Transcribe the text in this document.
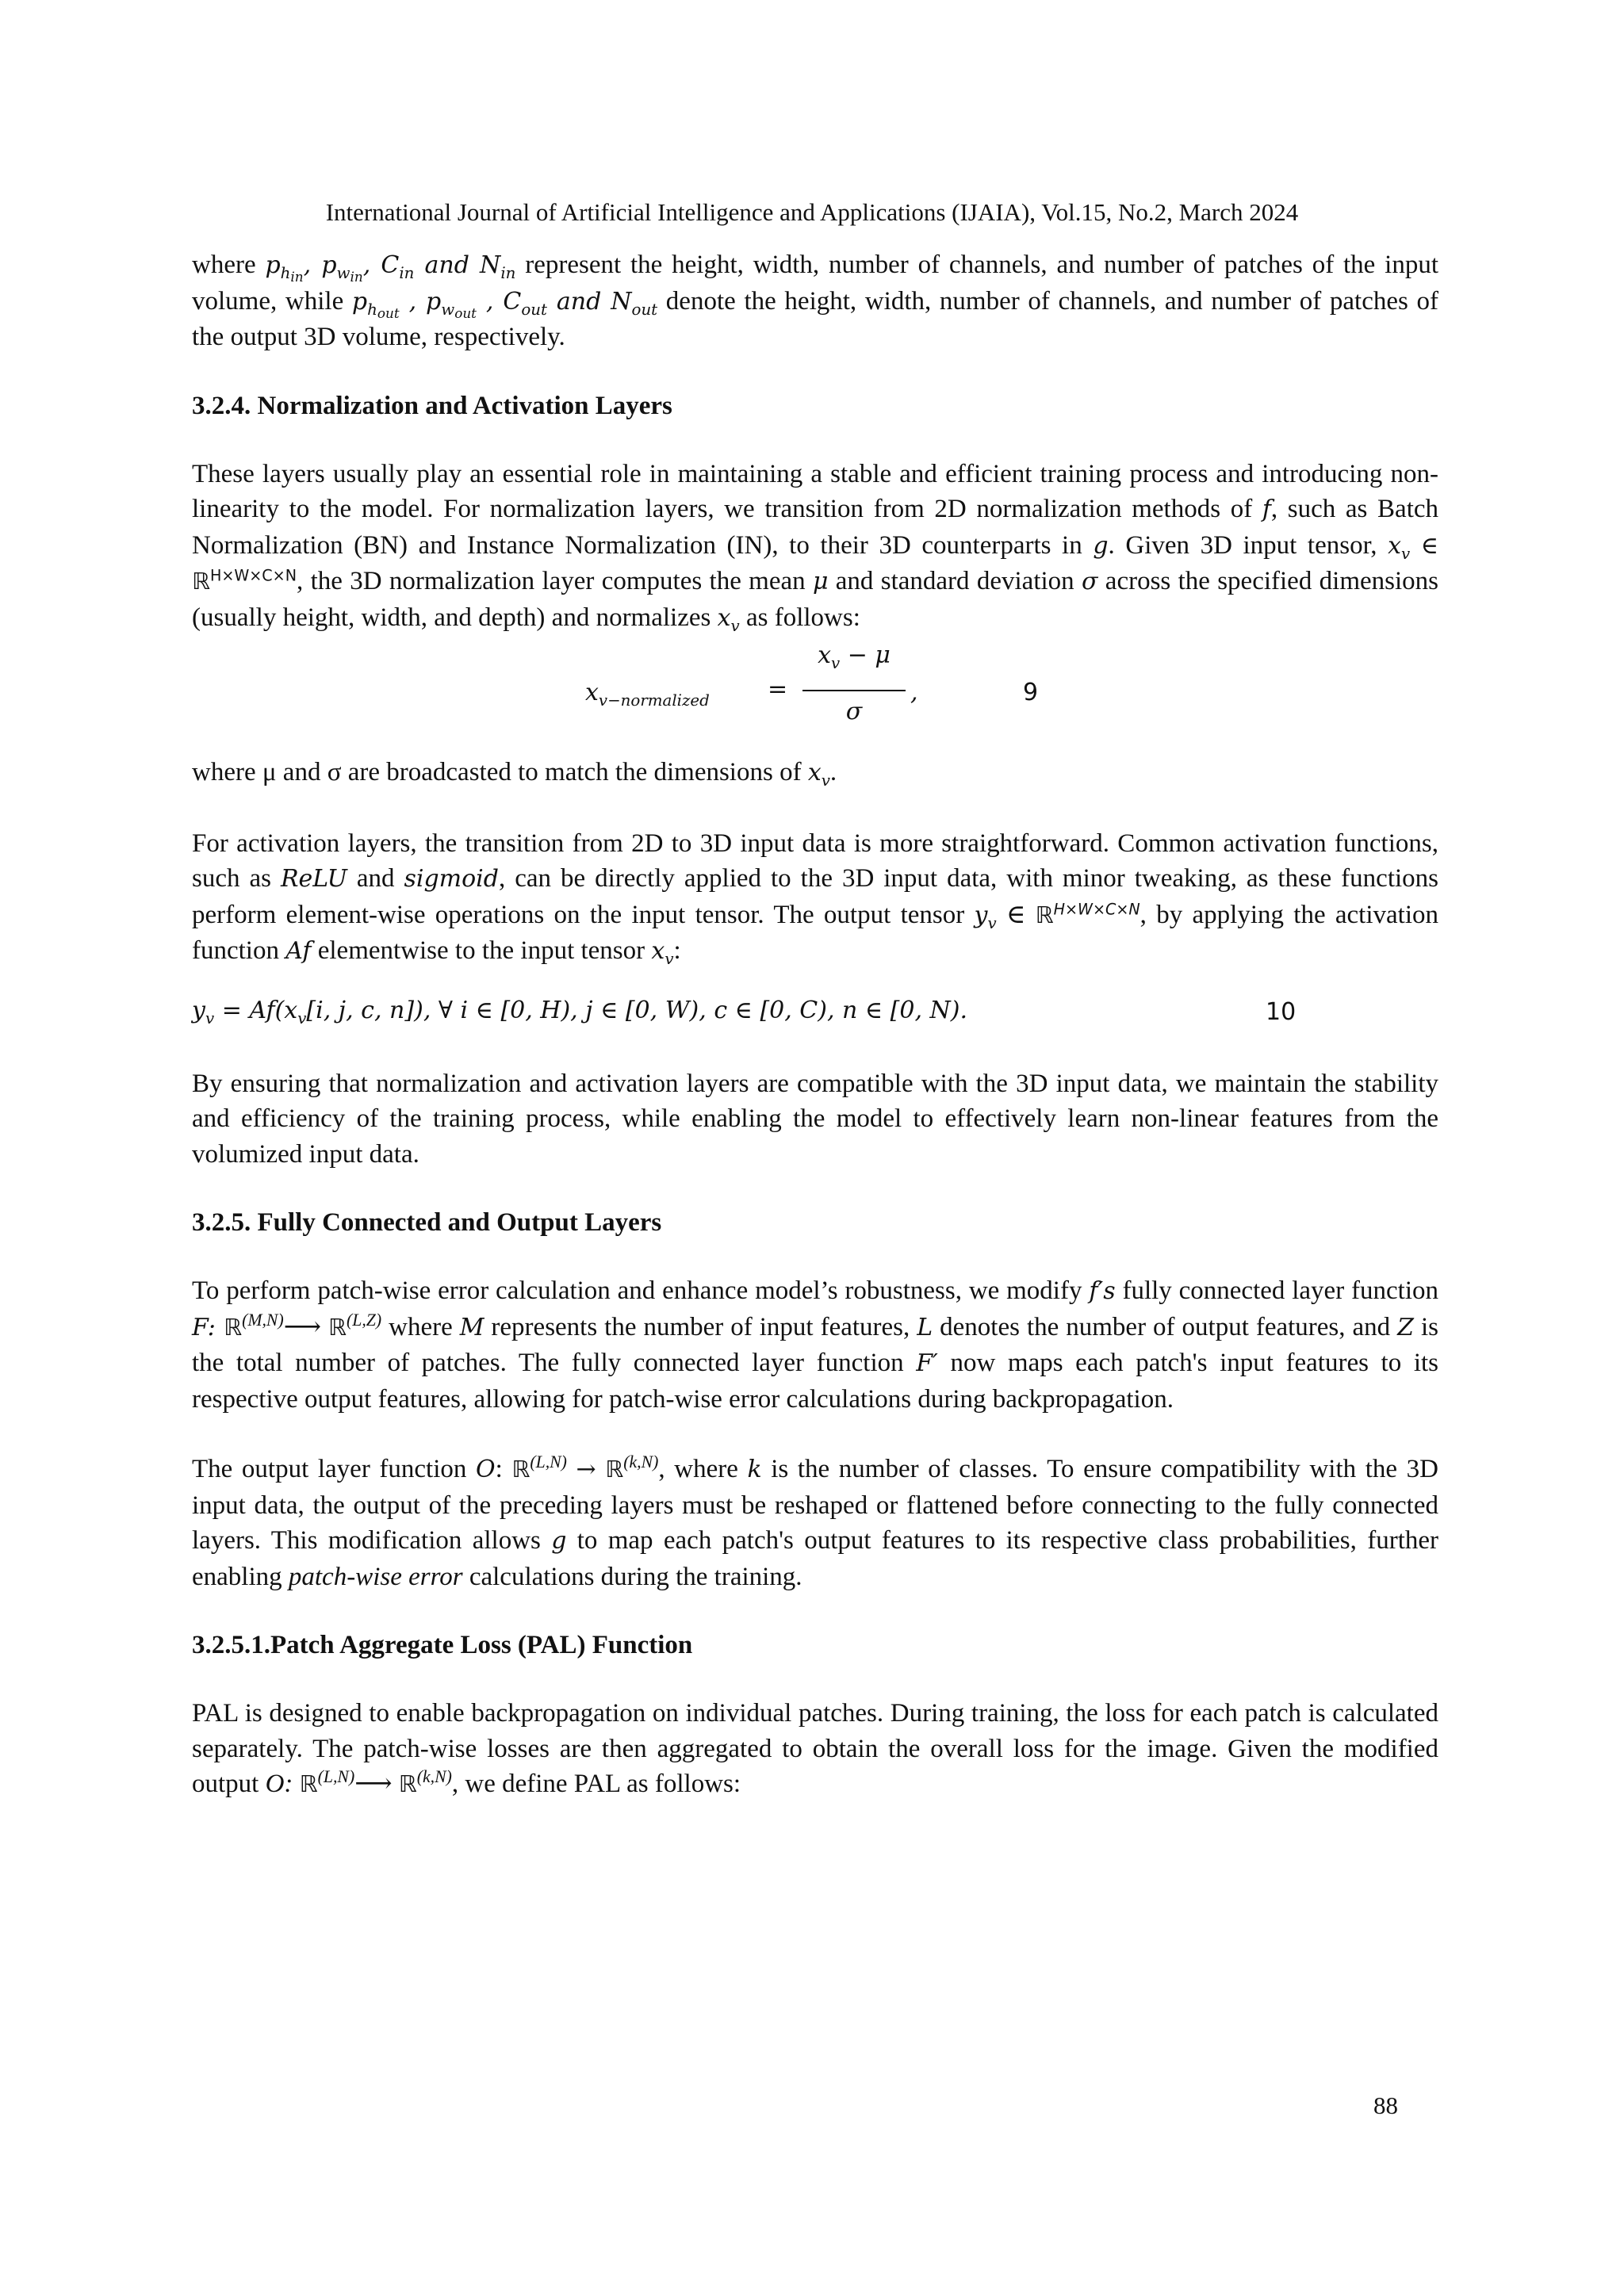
International Journal of Artificial Intelligence and Applications (IJAIA), Vol.15, No.2, March 2024

where $p_{h_{in}}$, $p_{w_{in}}$, $C_{in}$ and $N_{in}$ represent the height, width, number of channels, and number of patches of the input volume, while $p_{h_{out}}$ , $p_{w_{out}}$ , $C_{out}$ and $N_{out}$ denote the height, width, number of channels, and number of patches of the output 3D volume, respectively.

3.2.4. Normalization and Activation Layers

These layers usually play an essential role in maintaining a stable and efficient training process and introducing non-linearity to the model. For normalization layers, we transition from 2D normalization methods of f, such as Batch Normalization (BN) and Instance Normalization (IN), to their 3D counterparts in g. Given 3D input tensor, $x_v$ ∈ ℝ$^{H\times W\times C\times N}$, the 3D normalization layer computes the mean μ and standard deviation σ across the specified dimensions (usually height, width, and depth) and normalizes $x_v$ as follows:

$x_{v-normalized}$ =
$x_v - \mu$
σ
,	9

where μ and σ are broadcasted to match the dimensions of $x_v$.

For activation layers, the transition from 2D to 3D input data is more straightforward. Common activation functions, such as ReLU and sigmoid, can be directly applied to the 3D input data, with minor tweaking, as these functions perform element-wise operations on the input tensor. The output tensor $y_v$ ∈ ℝ$^{H\times W\times C\times N}$, by applying the activation function Af elementwise to the input tensor $x_v$:

$y_v = Af(x_v[i$, j, c, n]), ∀ i ∈ [0, H), j ∈ [0, W), c ∈ [0, C), n ∈ [0, N).	10

By ensuring that normalization and activation layers are compatible with the 3D input data, we maintain the stability and efficiency of the training process, while enabling the model to effectively learn non-linear features from the volumized input data.

3.2.5. Fully Connected and Output Layers

To perform patch-wise error calculation and enhance model’s robustness, we modify f′s fully connected layer function F: ℝ$^{(M,N)}$⟶ ℝ$^{(L,Z)}$ where M represents the number of input features, L denotes the number of output features, and Z is the total number of patches. The fully connected layer function F′ now maps each patch's input features to its respective output features, allowing for patch-wise error calculations during backpropagation.

The output layer function O: ℝ$^{(L,N)}$ → ℝ$^{(k,N)}$, where k is the number of classes. To ensure compatibility with the 3D input data, the output of the preceding layers must be reshaped or flattened before connecting to the fully connected layers. This modification allows g to map each patch's output features to its respective class probabilities, further enabling patch-wise error calculations during the training.

3.2.5.1.Patch Aggregate Loss (PAL) Function

PAL is designed to enable backpropagation on individual patches. During training, the loss for each patch is calculated separately. The patch-wise losses are then aggregated to obtain the overall loss for the image. Given the modified output O: ℝ$^{(L,N)}$⟶ ℝ$^{(k,N)}$, we define PAL as follows:

88
